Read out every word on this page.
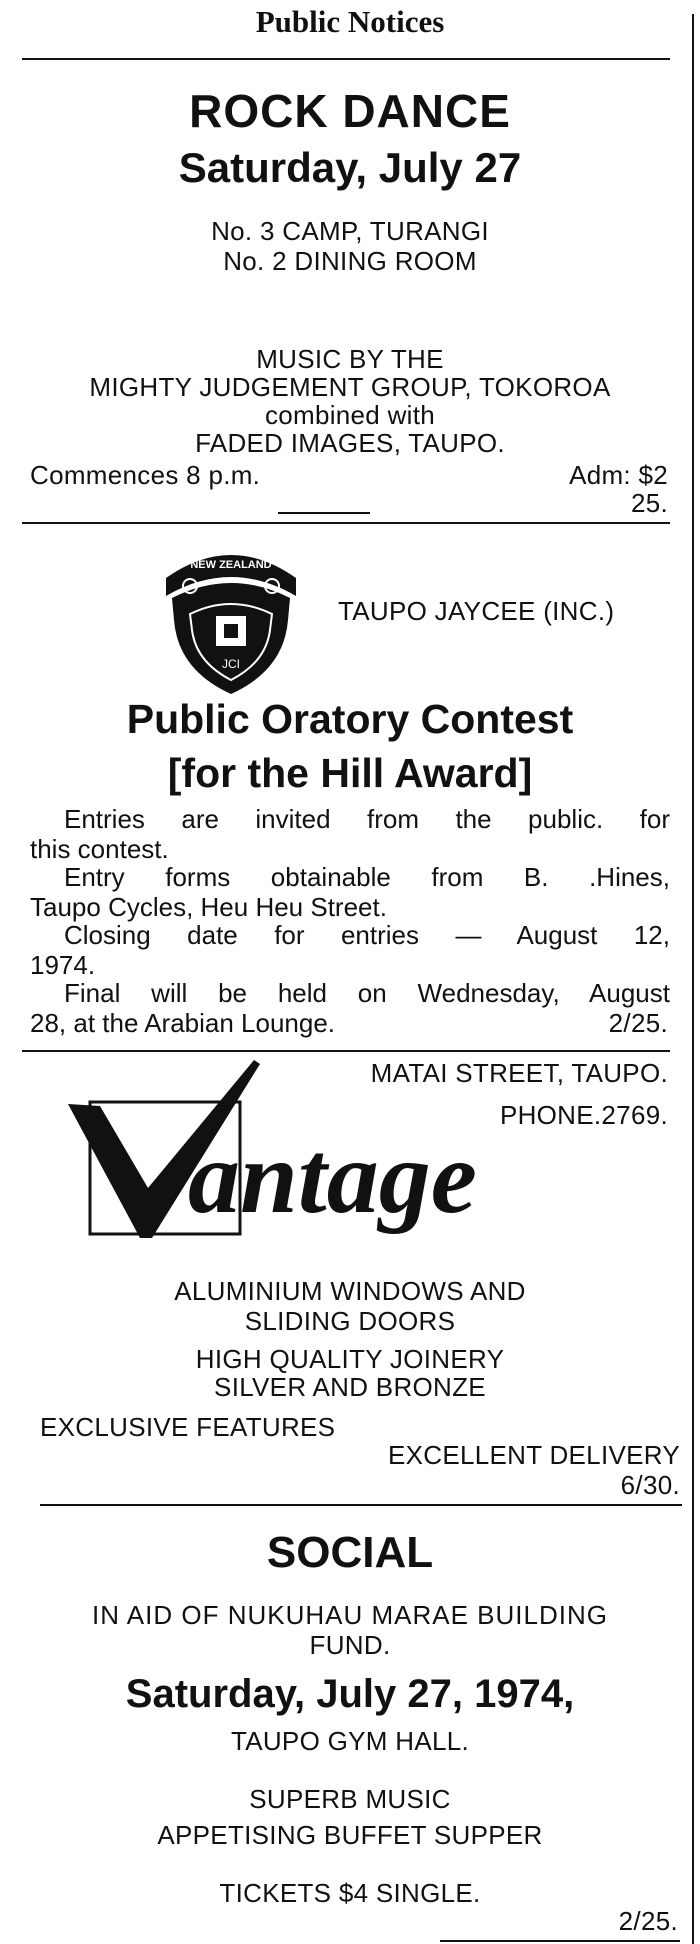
Public Notices
ROCK DANCE
Saturday, July 27
No. 3 CAMP, TURANGI
No. 2 DINING ROOM
MUSIC BY THE
MIGHTY JUDGEMENT GROUP, TOKOROA
combined with
FADED IMAGES, TAUPO.
Commences 8 p.m.	Adm: $2
25.
NEW ZEALAND
JCI
TAUPO JAYCEE (INC.)
Public Oratory Contest
[for the Hill Award]
Entries are invited from the public. for
this contest.
Entry forms obtainable from B. .Hines,
Taupo Cycles, Heu Heu Street.
Closing date for entries — August 12,
1974.
Final will be held on Wednesday, August
28, at the Arabian Lounge.	2/25.
MATAI STREET, TAUPO.
PHONE.2769.
antage
ALUMINIUM WINDOWS AND
SLIDING DOORS
HIGH QUALITY JOINERY
SILVER AND BRONZE
EXCLUSIVE FEATURES
EXCELLENT DELIVERY
6/30.
SOCIAL
IN AID OF NUKUHAU MARAE BUILDING
FUND.
Saturday, July 27, 1974,
TAUPO GYM HALL.
SUPERB MUSIC
APPETISING BUFFET SUPPER
TICKETS $4 SINGLE.
2/25.
